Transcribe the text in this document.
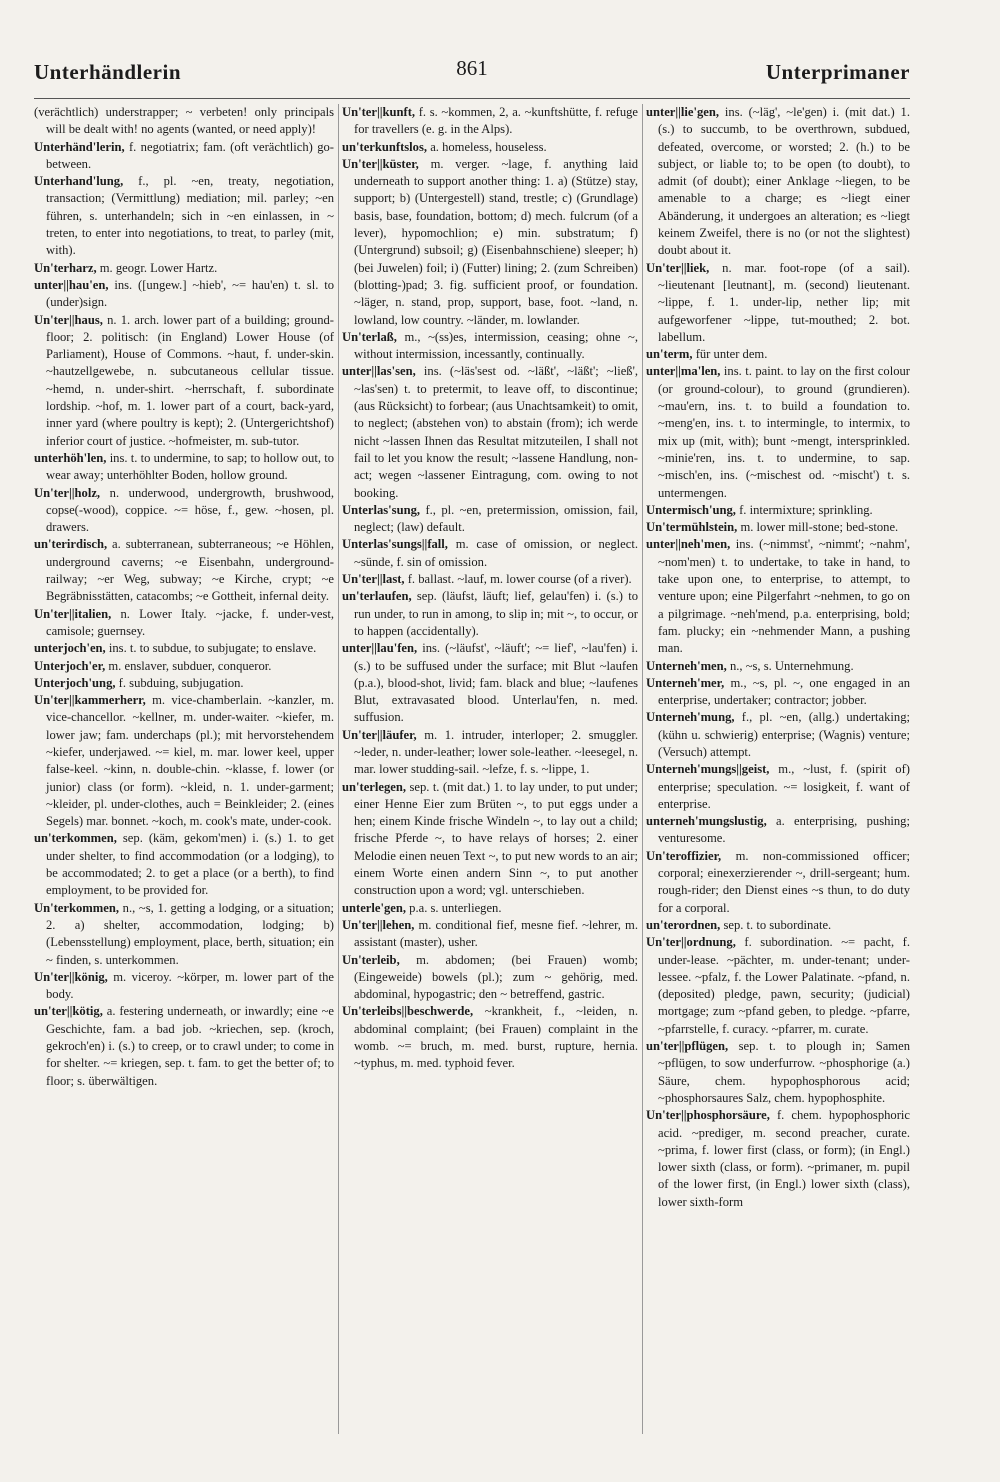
Unterhändlerin	861	Unterprimaner

(verächtlich) understrapper; ~ verbeten! only principals will be dealt with! no agents (wanted, or need apply)!

Unterhänd'lerin, f. negotiatrix; fam. (oft verächtlich) go-between.

Unterhand'lung, f., pl. ~en, treaty, negotiation, transaction; (Vermittlung) mediation; mil. parley; ~en führen, s. unterhandeln; sich in ~en einlassen, in ~ treten, to enter into negotiations, to treat, to parley (mit, with).

Un'terharz, m. geogr. Lower Hartz.

unter||hau'en, ins. ([ungew.] ~hieb', ~= hau'en) t. sl. to (under)sign.

Un'ter||haus, n. 1. arch. lower part of a building; ground-floor; 2. politisch: (in England) Lower House (of Parliament), House of Commons. ~haut, f. under-skin. ~hautzellgewebe, n. subcutaneous cellular tissue. ~hemd, n. under-shirt. ~herrschaft, f. subordinate lordship. ~hof, m. 1. lower part of a court, back-yard, inner yard (where poultry is kept); 2. (Untergerichtshof) inferior court of justice. ~hofmeister, m. sub-tutor.

unterhöh'len, ins. t. to undermine, to sap; to hollow out, to wear away; unterhöhlter Boden, hollow ground.

Un'ter||holz, n. underwood, undergrowth, brushwood, copse(-wood), coppice. ~= höse, f., gew. ~hosen, pl. drawers.

un'terirdisch, a. subterranean, subterraneous; ~e Höhlen, underground caverns; ~e Eisenbahn, underground-railway; ~er Weg, subway; ~e Kirche, crypt; ~e Begräbnisstätten, catacombs; ~e Gottheit, infernal deity.

Un'ter||italien, n. Lower Italy. ~jacke, f. under-vest, camisole; guernsey.

unterjoch'en, ins. t. to subdue, to subjugate; to enslave.

Unterjoch'er, m. enslaver, subduer, conqueror.

Unterjoch'ung, f. subduing, subjugation.

Un'ter||kammerherr, m. vice-chamberlain. ~kanzler, m. vice-chancellor. ~kellner, m. under-waiter. ~kiefer, m. lower jaw; fam. underchaps (pl.); mit hervorstehendem ~kiefer, underjawed. ~= kiel, m. mar. lower keel, upper false-keel. ~kinn, n. double-chin. ~klasse, f. lower (or junior) class (or form). ~kleid, n. 1. under-garment; ~kleider, pl. under-clothes, auch = Beinkleider; 2. (eines Segels) mar. bonnet. ~koch, m. cook's mate, under-cook.

un'terkommen, sep. (käm, gekom'men) i. (s.) 1. to get under shelter, to find accommodation (or a lodging), to be accommodated; 2. to get a place (or a berth), to find employment, to be provided for.

Un'terkommen, n., ~s, 1. getting a lodging, or a situation; 2. a) shelter, accommodation, lodging; b) (Lebensstellung) employment, place, berth, situation; ein ~ finden, s. unterkommen.

Un'ter||könig, m. viceroy. ~körper, m. lower part of the body.

un'ter||kötig, a. festering underneath, or inwardly; eine ~e Geschichte, fam. a bad job. ~kriechen, sep. (kroch, gekroch'en) i. (s.) to creep, or to crawl under; to come in for shelter. ~= kriegen, sep. t. fam. to get the better of; to floor; s. überwältigen.

Un'ter||kunft, f. s. ~kommen, 2, a. ~kunftshütte, f. refuge for travellers (e. g. in the Alps).

un'terkunftslos, a. homeless, houseless.

Un'ter||küster, m. verger. ~lage, f. anything laid underneath to support another thing: 1. a) (Stütze) stay, support; b) (Untergestell) stand, trestle; c) (Grundlage) basis, base, foundation, bottom; d) mech. fulcrum (of a lever), hypomochlion; e) min. substratum; f) (Untergrund) subsoil; g) (Eisenbahnschiene) sleeper; h) (bei Juwelen) foil; i) (Futter) lining; 2. (zum Schreiben) (blotting-)pad; 3. fig. sufficient proof, or foundation. ~läger, n. stand, prop, support, base, foot. ~land, n. lowland, low country. ~länder, m. lowlander.

Un'terlaß, m., ~(ss)es, intermission, ceasing; ohne ~, without intermission, incessantly, continually.

unter||las'sen, ins. (~läs'sest od. ~läßt', ~läßt'; ~ließ', ~las'sen) t. to pretermit, to leave off, to discontinue; (aus Rücksicht) to forbear; (aus Unachtsamkeit) to omit, to neglect; (abstehen von) to abstain (from); ich werde nicht ~lassen Ihnen das Resultat mitzuteilen, I shall not fail to let you know the result; ~lassene Handlung, non-act; wegen ~lassener Eintragung, com. owing to not booking.

Unterlas'sung, f., pl. ~en, pretermission, omission, fail, neglect; (law) default.

Unterlas'sungs||fall, m. case of omission, or neglect. ~sünde, f. sin of omission.

Un'ter||last, f. ballast. ~lauf, m. lower course (of a river).

un'terlaufen, sep. (läufst, läuft; lief, gelau'fen) i. (s.) to run under, to run in among, to slip in; mit ~, to occur, or to happen (accidentally).

unter||lau'fen, ins. (~läufst', ~läuft'; ~= lief', ~lau'fen) i. (s.) to be suffused under the surface; mit Blut ~laufen (p.a.), blood-shot, livid; fam. black and blue; ~laufenes Blut, extravasated blood. Unterlau'fen, n. med. suffusion.

Un'ter||läufer, m. 1. intruder, interloper; 2. smuggler. ~leder, n. under-leather; lower sole-leather. ~leesegel, n. mar. lower studding-sail. ~lefze, f. s. ~lippe, 1.

un'terlegen, sep. t. (mit dat.) 1. to lay under, to put under; einer Henne Eier zum Brüten ~, to put eggs under a hen; einem Kinde frische Windeln ~, to lay out a child; frische Pferde ~, to have relays of horses; 2. einer Melodie einen neuen Text ~, to put new words to an air; einem Worte einen andern Sinn ~, to put another construction upon a word; vgl. unterschieben.

unterle'gen, p.a. s. unterliegen.

Un'ter||lehen, m. conditional fief, mesne fief. ~lehrer, m. assistant (master), usher.

Un'terleib, m. abdomen; (bei Frauen) womb; (Eingeweide) bowels (pl.); zum ~ gehörig, med. abdominal, hypogastric; den ~ betreffend, gastric.

Un'terleibs||beschwerde, ~krankheit, f., ~leiden, n. abdominal complaint; (bei Frauen) complaint in the womb. ~= bruch, m. med. burst, rupture, hernia. ~typhus, m. med. typhoid fever.

unter||lie'gen, ins. (~läg', ~le'gen) i. (mit dat.) 1. (s.) to succumb, to be overthrown, subdued, defeated, overcome, or worsted; 2. (h.) to be subject, or liable to; to be open (to doubt), to admit (of doubt); einer Anklage ~liegen, to be amenable to a charge; es ~liegt einer Abänderung, it undergoes an alteration; es ~liegt keinem Zweifel, there is no (or not the slightest) doubt about it.

Un'ter||liek, n. mar. foot-rope (of a sail). ~lieutenant [leutnant], m. (second) lieutenant. ~lippe, f. 1. under-lip, nether lip; mit aufgeworfener ~lippe, tut-mouthed; 2. bot. labellum.

un'term, für unter dem.

unter||ma'len, ins. t. paint. to lay on the first colour (or ground-colour), to ground (grundieren). ~mau'ern, ins. t. to build a foundation to. ~meng'en, ins. t. to intermingle, to intermix, to mix up (mit, with); bunt ~mengt, intersprinkled. ~minie'ren, ins. t. to undermine, to sap. ~misch'en, ins. (~mischest od. ~mischt') t. s. untermengen.

Untermisch'ung, f. intermixture; sprinkling.

Un'termühlstein, m. lower mill-stone; bed-stone.

unter||neh'men, ins. (~nimmst', ~nimmt'; ~nahm', ~nom'men) t. to undertake, to take in hand, to take upon one, to enterprise, to attempt, to venture upon; eine Pilgerfahrt ~nehmen, to go on a pilgrimage. ~neh'mend, p.a. enterprising, bold; fam. plucky; ein ~nehmender Mann, a pushing man.

Unterneh'men, n., ~s, s. Unternehmung.

Unterneh'mer, m., ~s, pl. ~, one engaged in an enterprise, undertaker; contractor; jobber.

Unterneh'mung, f., pl. ~en, (allg.) undertaking; (kühn u. schwierig) enterprise; (Wagnis) venture; (Versuch) attempt.

Unterneh'mungs||geist, m., ~lust, f. (spirit of) enterprise; speculation. ~= losigkeit, f. want of enterprise.

unterneh'mungslustig, a. enterprising, pushing; venturesome.

Un'teroffizier, m. non-commissioned officer; corporal; einexerzierender ~, drill-sergeant; hum. rough-rider; den Dienst eines ~s thun, to do duty for a corporal.

un'terordnen, sep. t. to subordinate.

Un'ter||ordnung, f. subordination. ~= pacht, f. under-lease. ~pächter, m. under-tenant; under-lessee. ~pfalz, f. the Lower Palatinate. ~pfand, n. (deposited) pledge, pawn, security; (judicial) mortgage; zum ~pfand geben, to pledge. ~pfarre, ~pfarrstelle, f. curacy. ~pfarrer, m. curate.

un'ter||pflügen, sep. t. to plough in; Samen ~pflügen, to sow underfurrow. ~phosphorige (a.) Säure, chem. hypophosphorous acid; ~phosphorsaures Salz, chem. hypophosphite.

Un'ter||phosphorsäure, f. chem. hypophosphoric acid. ~prediger, m. second preacher, curate. ~prima, f. lower first (class, or form); (in Engl.) lower sixth (class, or form). ~primaner, m. pupil of the lower first, (in Engl.) lower sixth (class), lower sixth-form
